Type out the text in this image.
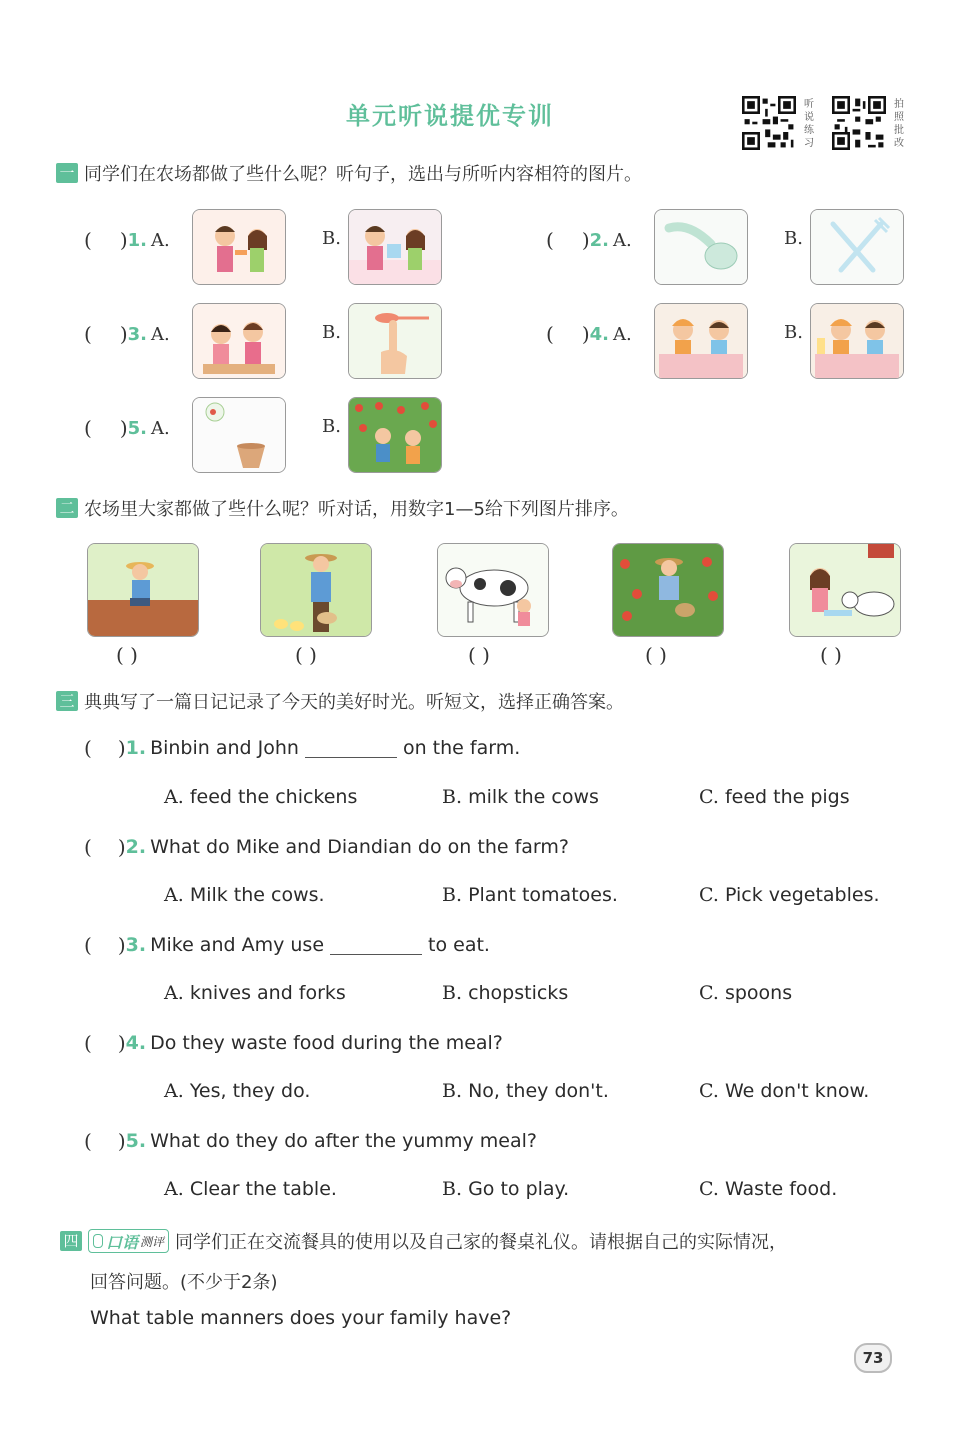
单元听说提优专训	听说练习
拍照批改
一 同学们在农场都做了些什么呢？听句子，选出与所听内容相符的图片。
( ) 1. A.	B.	( ) 2. A.	B.
( ) 3. A.	B.	( ) 4. A.	B.
( ) 5. A.	B.
二 农场里大家都做了些什么呢？听对话，用数字1—5给下列图片排序。
( )	( )	( )	( )	( )
三 典典写了一篇日记记录了今天的美好时光。听短文，选择正确答案。
( ) 1. Binbin and John	on the farm.
A. feed the chickens	B. milk the cows	C. feed the pigs
( ) 2. What do Mike and Diandian do on the farm?
A. Milk the cows.	B. Plant tomatoes.	C. Pick vegetables.
( ) 3. Mike and Amy use	to eat.
A. knives and forks	B. chopsticks	C. spoons
( ) 4. Do they waste food during the meal?
A. Yes, they do.	B. No, they don't.	C. We don't know.
( ) 5. What do they do after the yummy meal?
A. Clear the table.	B. Go to play.	C. Waste food.
四 口语 测评 同学们正在交流餐具的使用以及自己家的餐桌礼仪。请根据自己的实际情况，
回答问题。(不少于2条)
What table manners does your family have?
73
